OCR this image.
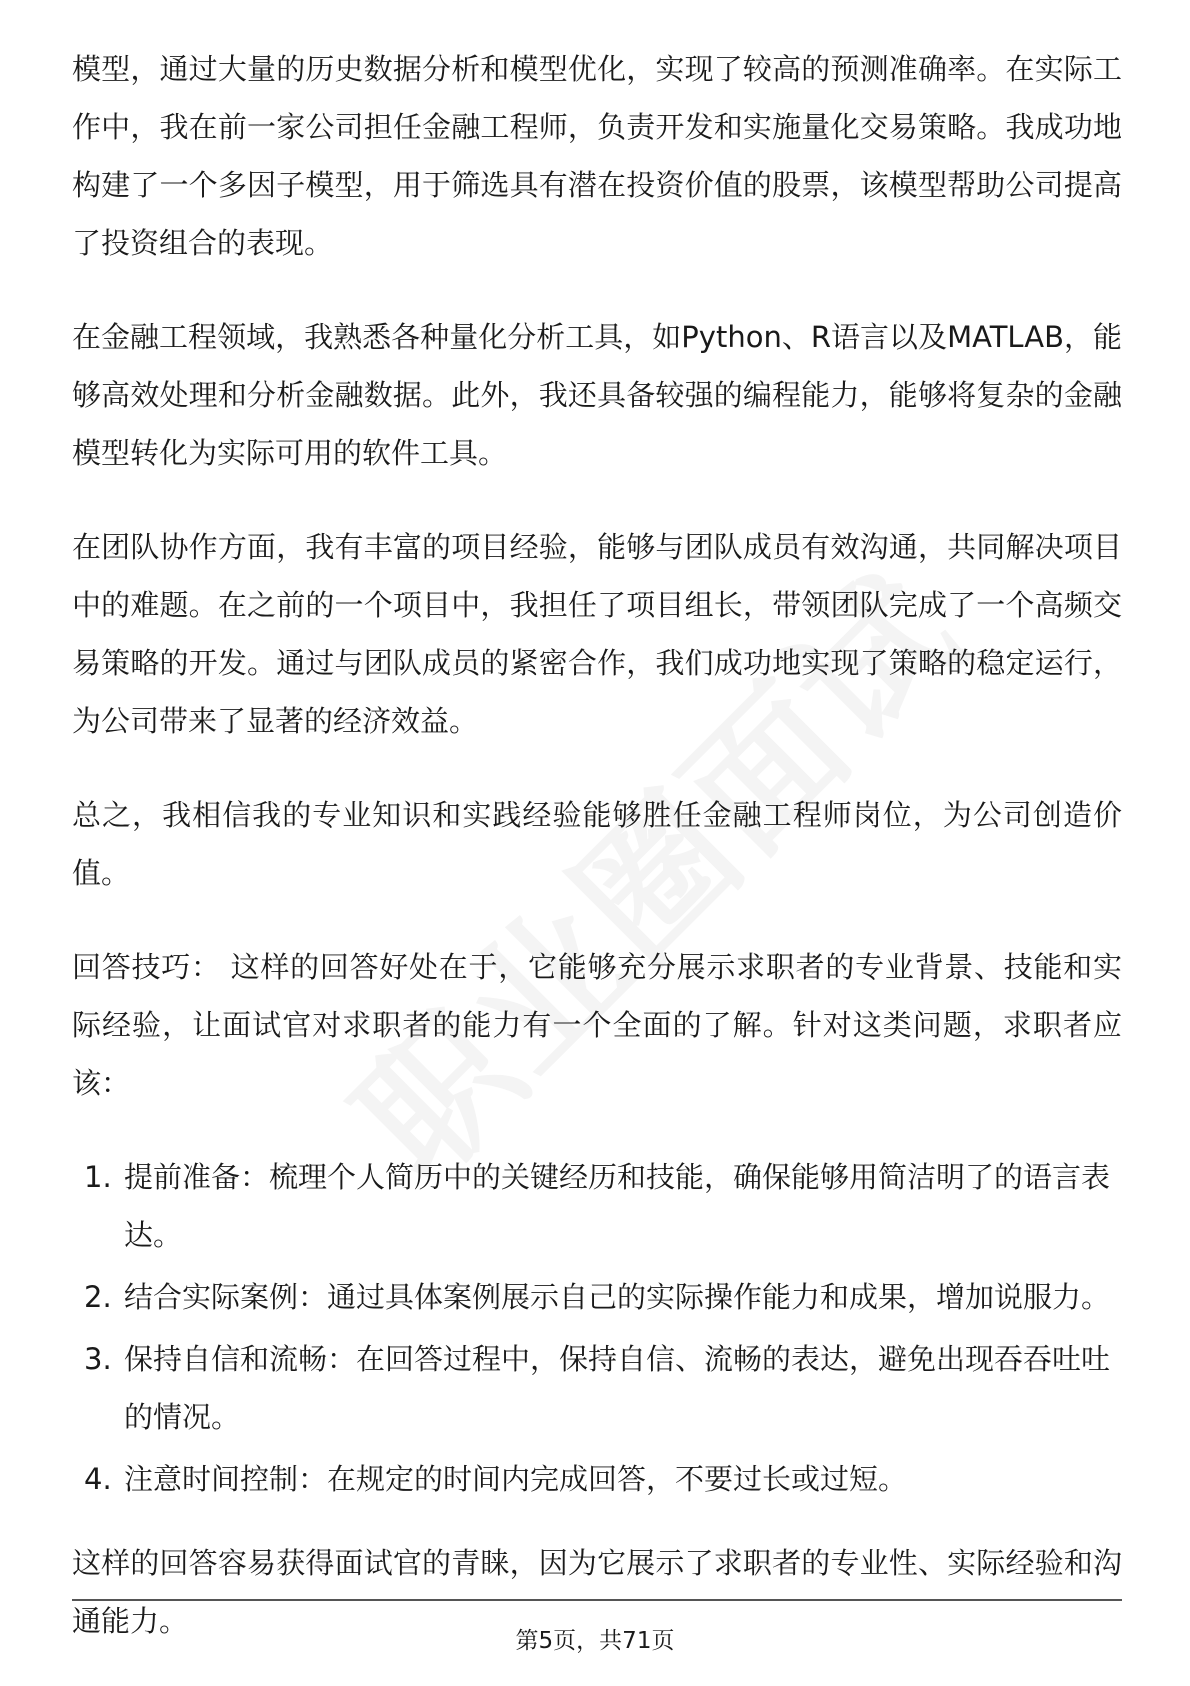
模型，通过大量的历史数据分析和模型优化，实现了较高的预测准确率。在实际工作中，我在前一家公司担任金融工程师，负责开发和实施量化交易策略。我成功地构建了一个多因子模型，用于筛选具有潜在投资价值的股票，该模型帮助公司提高了投资组合的表现。

在金融工程领域，我熟悉各种量化分析工具，如Python、R语言以及MATLAB，能够高效处理和分析金融数据。此外，我还具备较强的编程能力，能够将复杂的金融模型转化为实际可用的软件工具。

在团队协作方面，我有丰富的项目经验，能够与团队成员有效沟通，共同解决项目中的难题。在之前的一个项目中，我担任了项目组长，带领团队完成了一个高频交易策略的开发。通过与团队成员的紧密合作，我们成功地实现了策略的稳定运行，为公司带来了显著的经济效益。

总之，我相信我的专业知识和实践经验能够胜任金融工程师岗位，为公司创造价值。

回答技巧： 这样的回答好处在于，它能够充分展示求职者的专业背景、技能和实际经验，让面试官对求职者的能力有一个全面的了解。针对这类问题，求职者应该：

1. 提前准备：梳理个人简历中的关键经历和技能，确保能够用简洁明了的语言表达。
2. 结合实际案例：通过具体案例展示自己的实际操作能力和成果，增加说服力。
3. 保持自信和流畅：在回答过程中，保持自信、流畅的表达，避免出现吞吞吐吐的情况。
4. 注意时间控制：在规定的时间内完成回答，不要过长或过短。

这样的回答容易获得面试官的青睐，因为它展示了求职者的专业性、实际经验和沟通能力。

第5页，共71页
